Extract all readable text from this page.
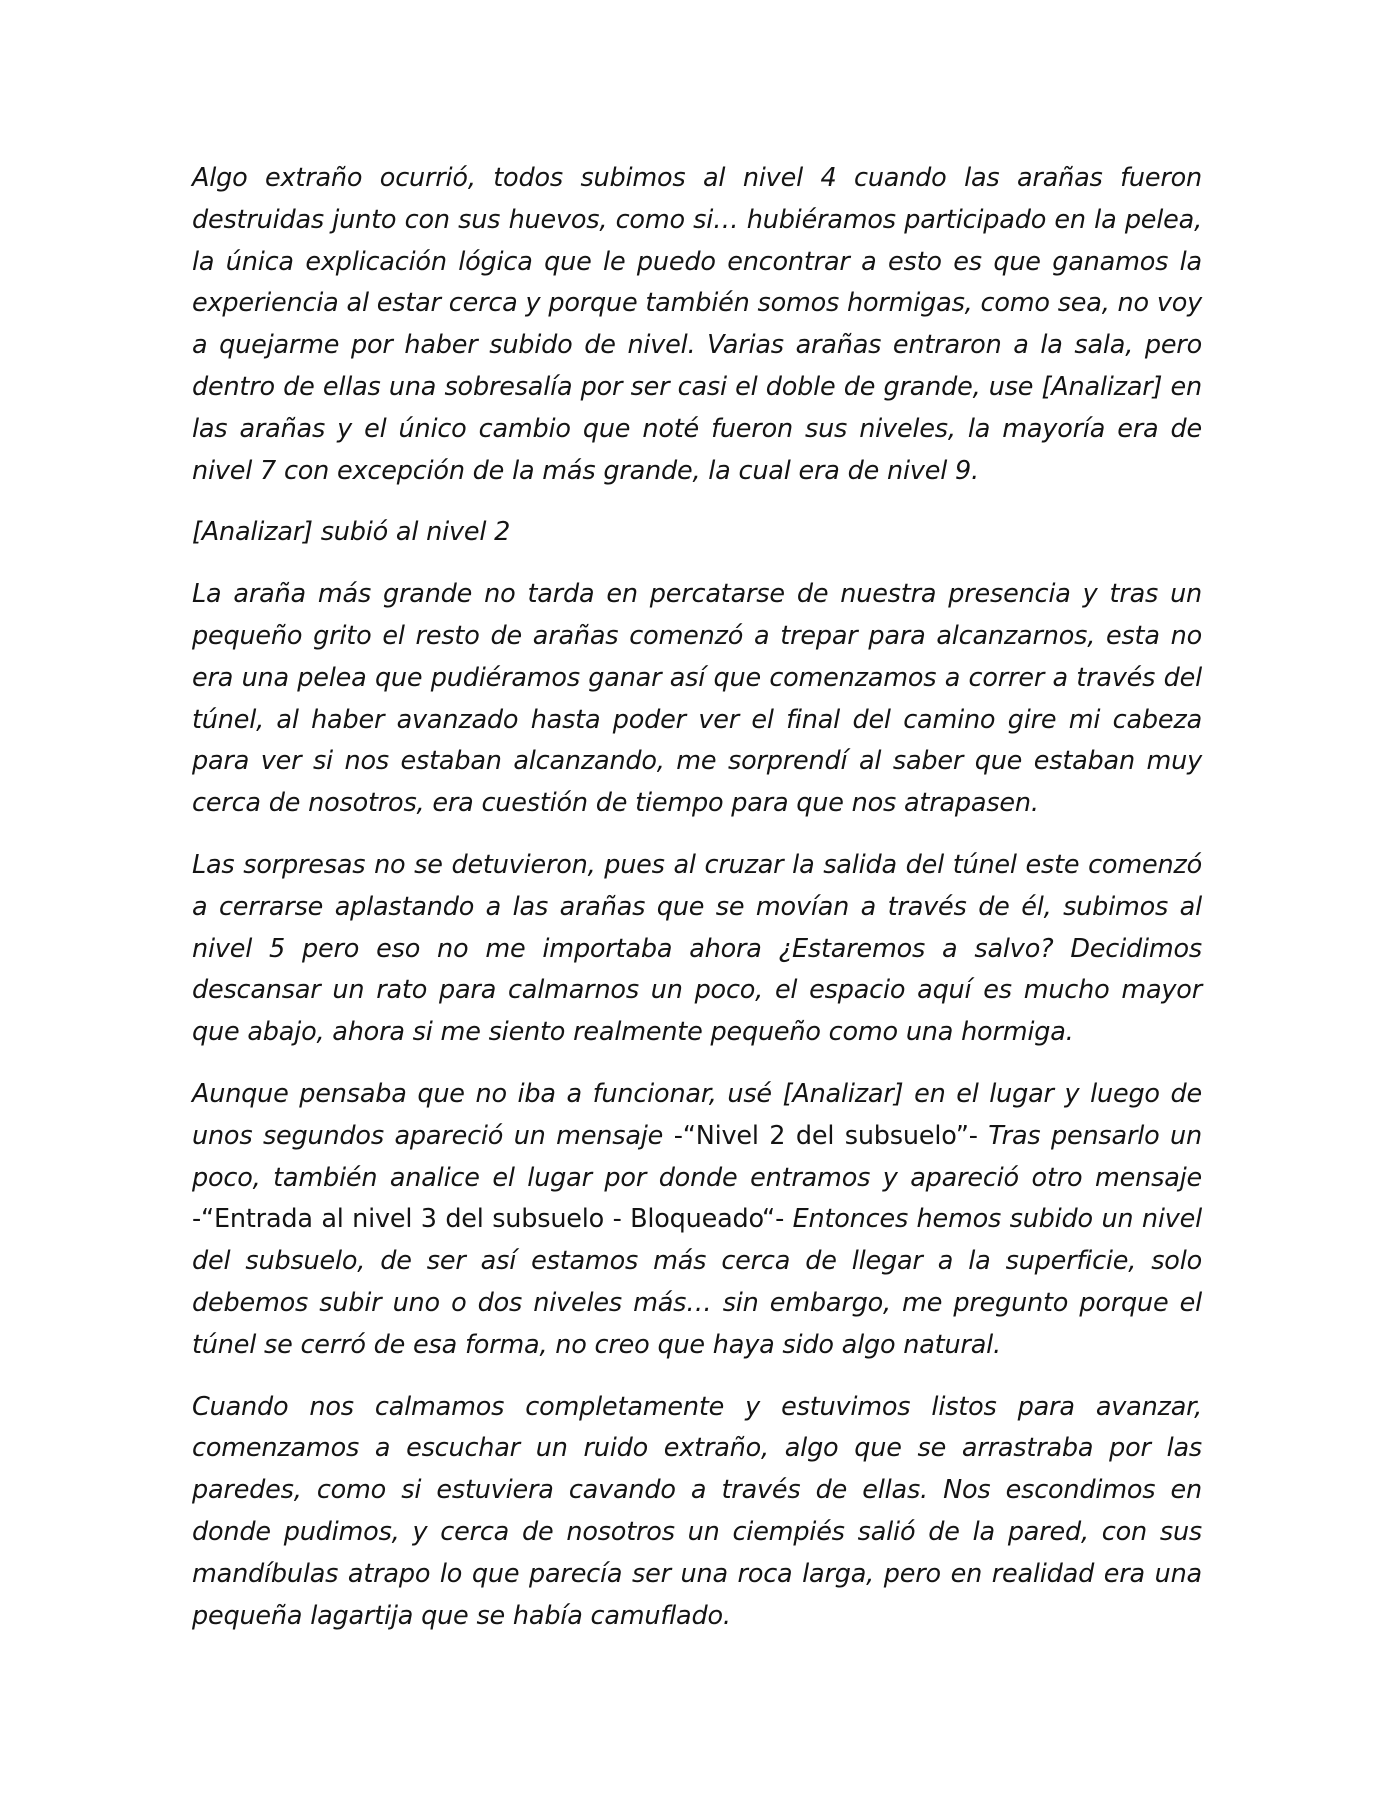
Algo extraño ocurrió, todos subimos al nivel 4 cuando las arañas fueron destruidas junto con sus huevos, como si… hubiéramos participado en la pelea, la única explicación lógica que le puedo encontrar a esto es que ganamos la experiencia al estar cerca y porque también somos hormigas, como sea, no voy a quejarme por haber subido de nivel. Varias arañas entraron a la sala, pero dentro de ellas una sobresalía por ser casi el doble de grande, use [Analizar] en las arañas y el único cambio que noté fueron sus niveles, la mayoría era de nivel 7 con excepción de la más grande, la cual era de nivel 9.

[Analizar] subió al nivel 2

La araña más grande no tarda en percatarse de nuestra presencia y tras un pequeño grito el resto de arañas comenzó a trepar para alcanzarnos, esta no era una pelea que pudiéramos ganar así que comenzamos a correr a través del túnel, al haber avanzado hasta poder ver el final del camino gire mi cabeza para ver si nos estaban alcanzando, me sorprendí al saber que estaban muy cerca de nosotros, era cuestión de tiempo para que nos atrapasen.

Las sorpresas no se detuvieron, pues al cruzar la salida del túnel este comenzó a cerrarse aplastando a las arañas que se movían a través de él, subimos al nivel 5 pero eso no me importaba ahora ¿Estaremos a salvo? Decidimos descansar un rato para calmarnos un poco, el espacio aquí es mucho mayor que abajo, ahora si me siento realmente pequeño como una hormiga.

Aunque pensaba que no iba a funcionar, usé [Analizar] en el lugar y luego de unos segundos apareció un mensaje -“Nivel 2 del subsuelo”- Tras pensarlo un poco, también analice el lugar por donde entramos y apareció otro mensaje -“Entrada al nivel 3 del subsuelo - Bloqueado“- Entonces hemos subido un nivel del subsuelo, de ser así estamos más cerca de llegar a la superficie, solo debemos subir uno o dos niveles más… sin embargo, me pregunto porque el túnel se cerró de esa forma, no creo que haya sido algo natural.

Cuando nos calmamos completamente y estuvimos listos para avanzar, comenzamos a escuchar un ruido extraño, algo que se arrastraba por las paredes, como si estuviera cavando a través de ellas. Nos escondimos en donde pudimos, y cerca de nosotros un ciempiés salió de la pared, con sus mandíbulas atrapo lo que parecía ser una roca larga, pero en realidad era una pequeña lagartija que se había camuflado.
